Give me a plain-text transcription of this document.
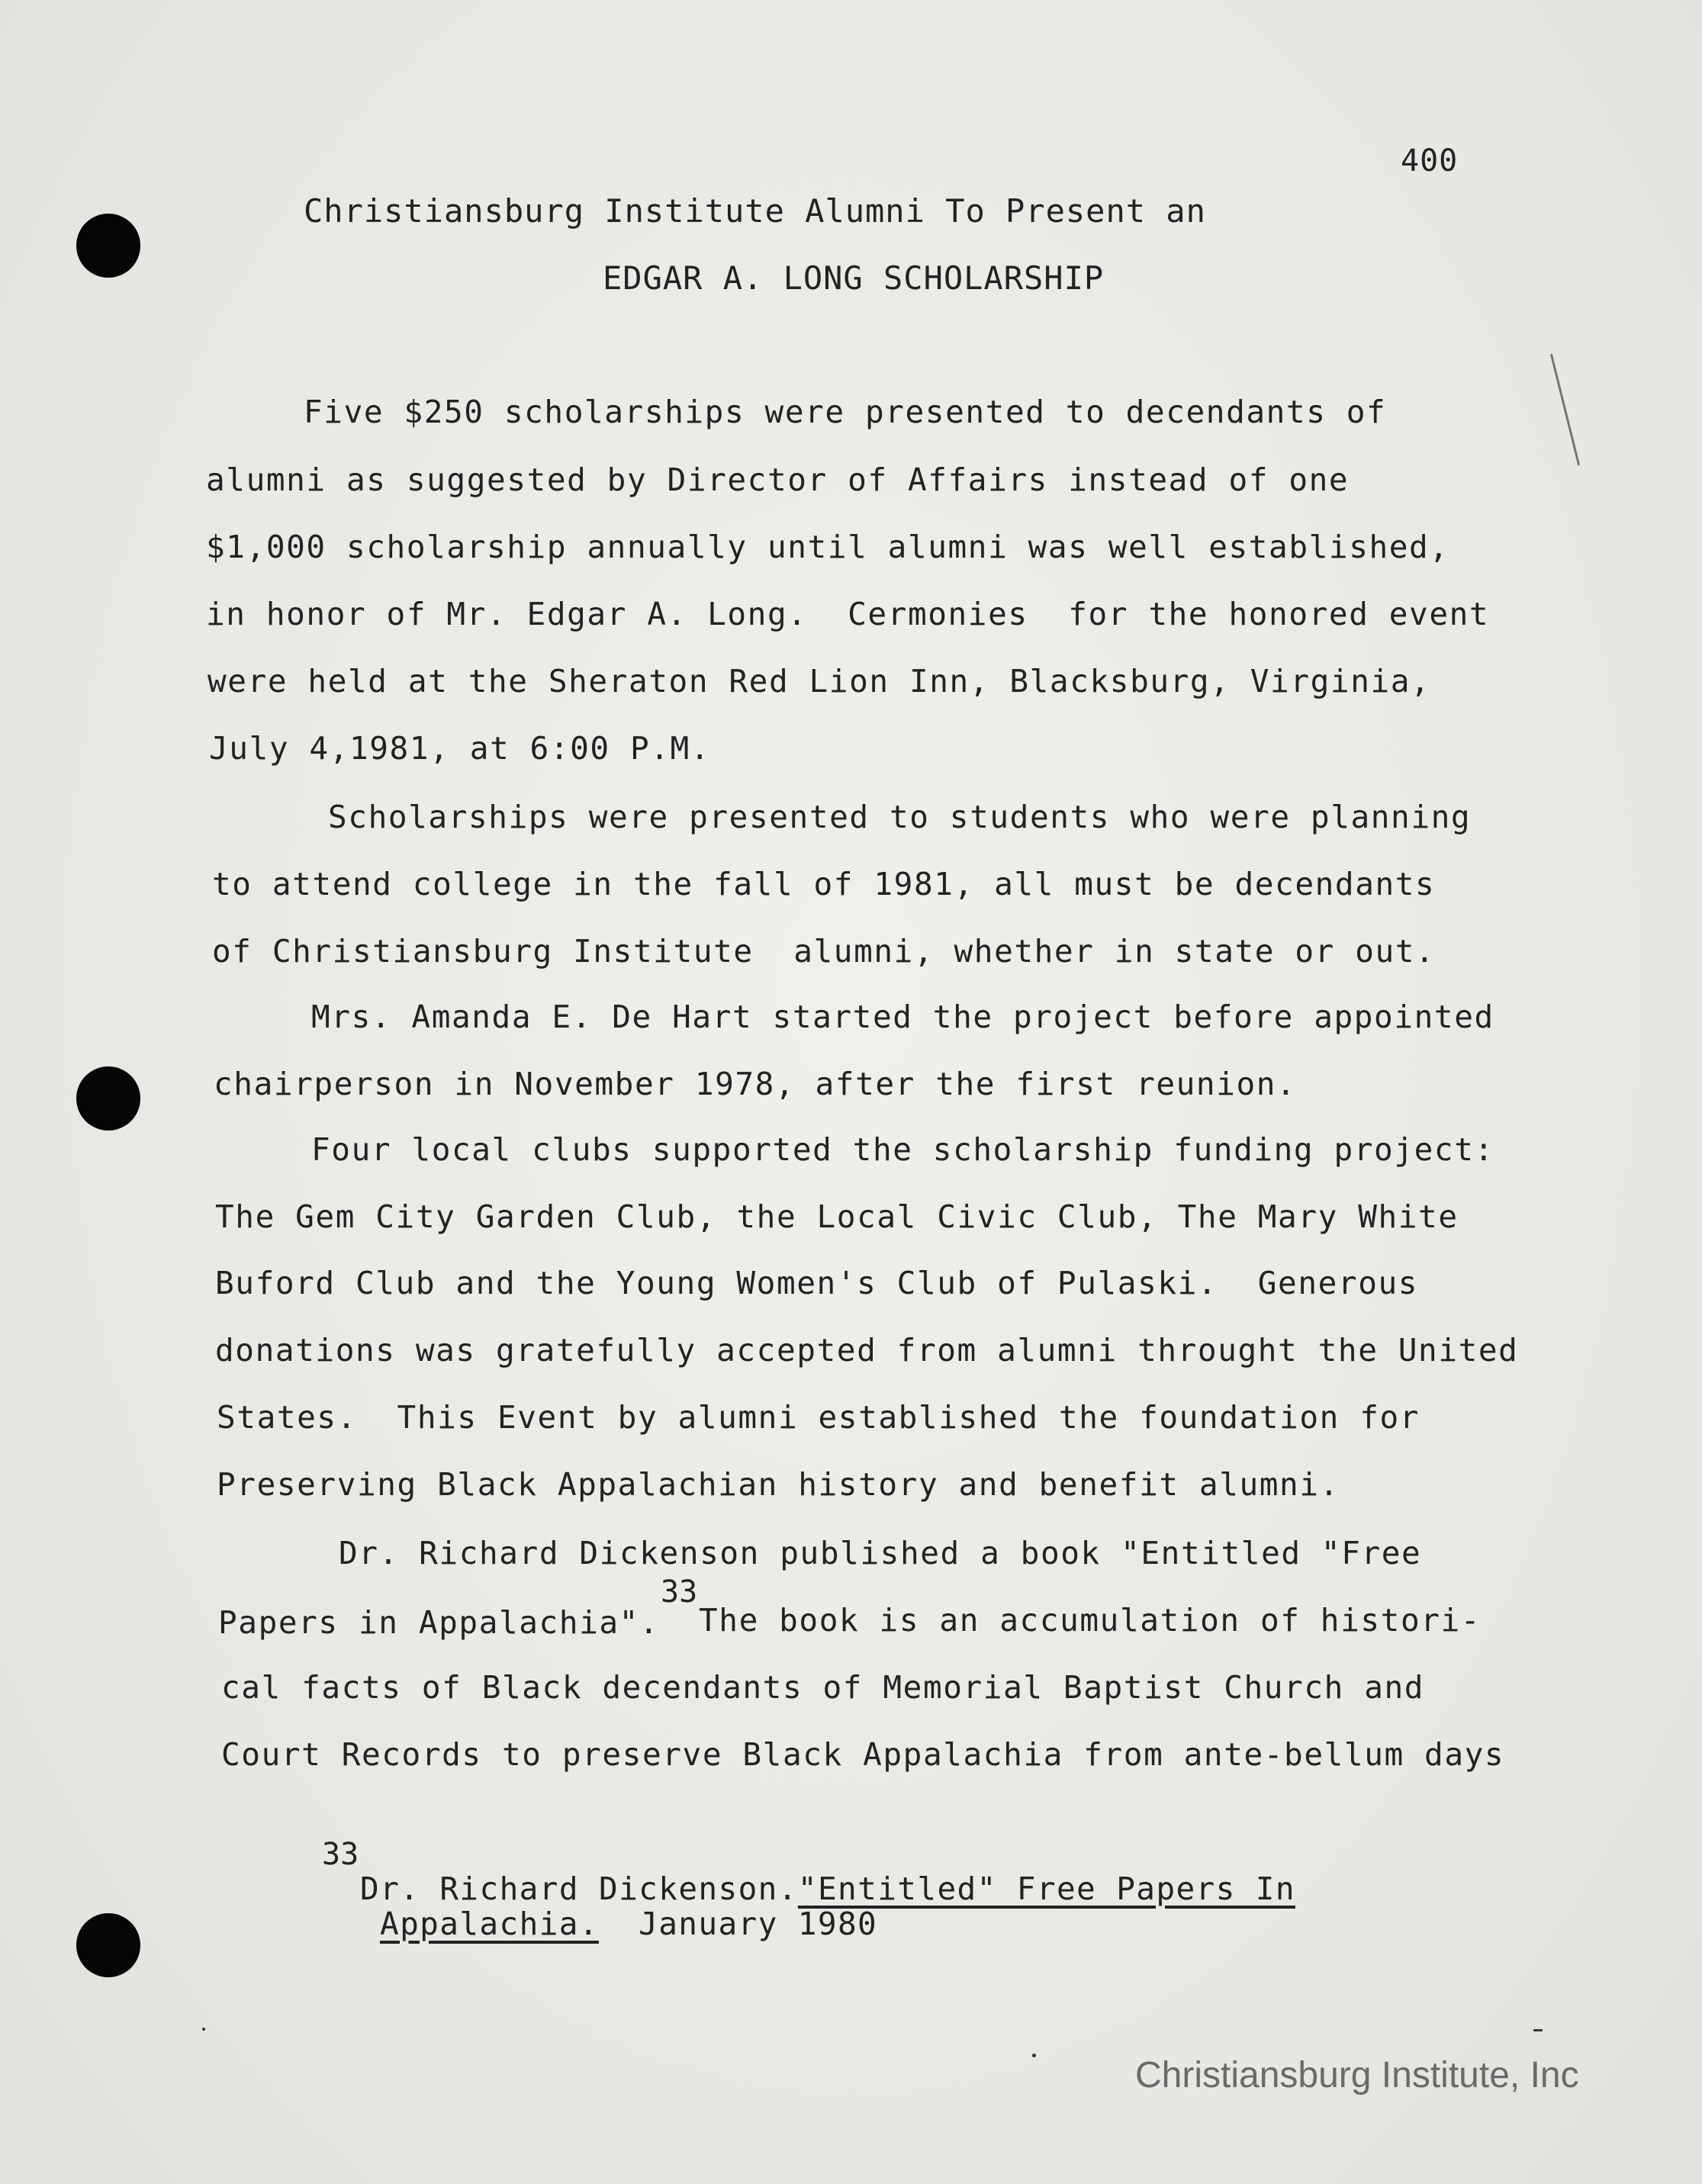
400
Christiansburg Institute Alumni To Present an
EDGAR A. LONG SCHOLARSHIP
Five $250 scholarships were presented to decendants of
alumni as suggested by Director of Affairs instead of one
$1,000 scholarship annually until alumni was well established,
in honor of Mr. Edgar A. Long.  Cermonies  for the honored event
were held at the Sheraton Red Lion Inn, Blacksburg, Virginia,
July 4,1981, at 6:00 P.M.
Scholarships were presented to students who were planning
to attend college in the fall of 1981, all must be decendants
of Christiansburg Institute  alumni, whether in state or out.
Mrs. Amanda E. De Hart started the project before appointed
chairperson in November 1978, after the first reunion.
Four local clubs supported the scholarship funding project:
The Gem City Garden Club, the Local Civic Club, The Mary White
Buford Club and the Young Women's Club of Pulaski.  Generous
donations was gratefully accepted from alumni throught the United
States.  This Event by alumni established the foundation for
Preserving Black Appalachian history and benefit alumni.
Dr. Richard Dickenson published a book "Entitled "Free
Papers in Appalachia".
33
The book is an accumulation of histori-
cal facts of Black decendants of Memorial Baptist Church and
Court Records to preserve Black Appalachia from ante-bellum days
33
Dr. Richard Dickenson."Entitled" Free Papers In
Appalachia. January 1980
Christiansburg Institute, Inc
